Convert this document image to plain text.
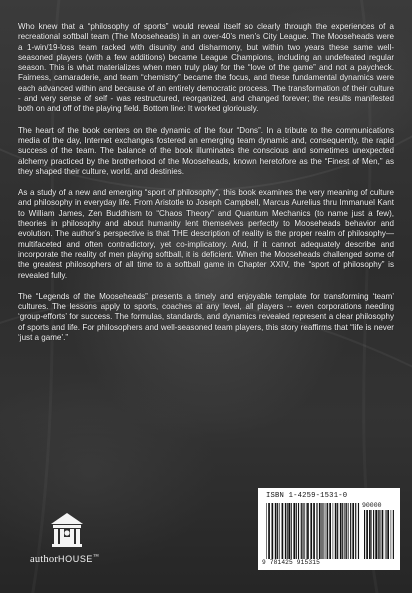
Who knew that a “philosophy of sports” would reveal itself so clearly through the experiences of a recreational softball team (The Mooseheads) in an over-40’s men’s City League. The Mooseheads were a 1-win/19-loss team racked with disunity and disharmony, but within two years these same well-seasoned players (with a few additions) became League Champions, including an undefeated regular season. This is what materializes when men truly play for the “love of the game” and not a paycheck. Fairness, camaraderie, and team “chemistry” became the focus, and these fundamental dynamics were each advanced within and because of an entirely democratic process. The transformation of their culture - and very sense of self - was restructured, reorganized, and changed forever; the results manifested both on and off of the playing field. Bottom line: It worked gloriously.

The heart of the book centers on the dynamic of the four “Dons”. In a tribute to the communications media of the day, Internet exchanges fostered an emerging team dynamic and, consequently, the rapid success of the team. The balance of the book illuminates the conscious and sometimes unexpected alchemy practiced by the brotherhood of the Mooseheads, known heretofore as the “Finest of Men,” as they shaped their culture, world, and destinies.

As a study of a new and emerging “sport of philosophy”, this book examines the very meaning of culture and philosophy in everyday life. From Aristotle to Joseph Campbell, Marcus Aurelius thru Immanuel Kant to William James, Zen Buddhism to “Chaos Theory” and Quantum Mechanics (to name just a few), theories in philosophy and about humanity lent themselves perfectly to Mooseheads behavior and evolution. The author’s perspective is that THE description of reality is the proper realm of philosophy—multifaceted and often contradictory, yet co-implicatory. And, if it cannot adequately describe and incorporate the reality of men playing softball, it is deficient. When the Mooseheads challenged some of the greatest philosophers of all time to a softball game in Chapter XXIV, the “sport of philosophy” is revealed fully.

The “Legends of the Mooseheads” presents a timely and enjoyable template for transforming ‘team’ cultures. The lessons apply to sports, coaches at any level, all players -- even corporations needing ‘group-efforts’ for success. The formulas, standards, and dynamics revealed represent a clear philosophy of sports and life. For philosophers and well-seasoned team players, this story reaffirms that “life is never ‘just a game’.”

authorHOUSE™
ISBN 1-4259-1531-0
90000
9 781425 915315
